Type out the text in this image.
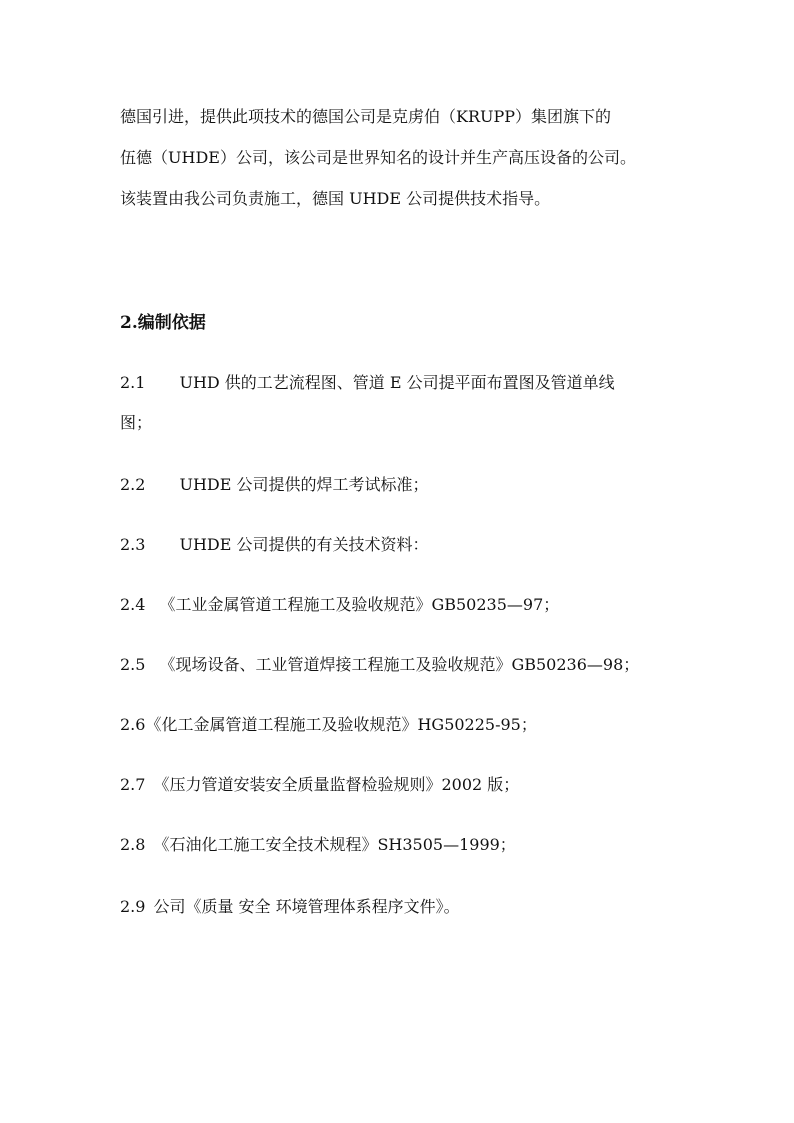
德国引进，提供此项技术的德国公司是克虏伯（KRUPP）集团旗下的
伍德（UHDE）公司，该公司是世界知名的设计并生产高压设备的公司。
该装置由我公司负责施工，德国 UHDE 公司提供技术指导。
2.编制依据
2.1 UHD 供的工艺流程图、管道 E 公司提平面布置图及管道单线
图；
2.2 UHDE 公司提供的焊工考试标准；
2.3 UHDE 公司提供的有关技术资料：
2.4 《工业金属管道工程施工及验收规范》GB50235—97；
2.5 《现场设备、工业管道焊接工程施工及验收规范》GB50236—98；
2.6《化工金属管道工程施工及验收规范》HG50225-95；
2.7 《压力管道安装安全质量监督检验规则》2002 版；
2.8 《石油化工施工安全技术规程》SH3505—1999；
2.9 公司《质量 安全 环境管理体系程序文件》。
